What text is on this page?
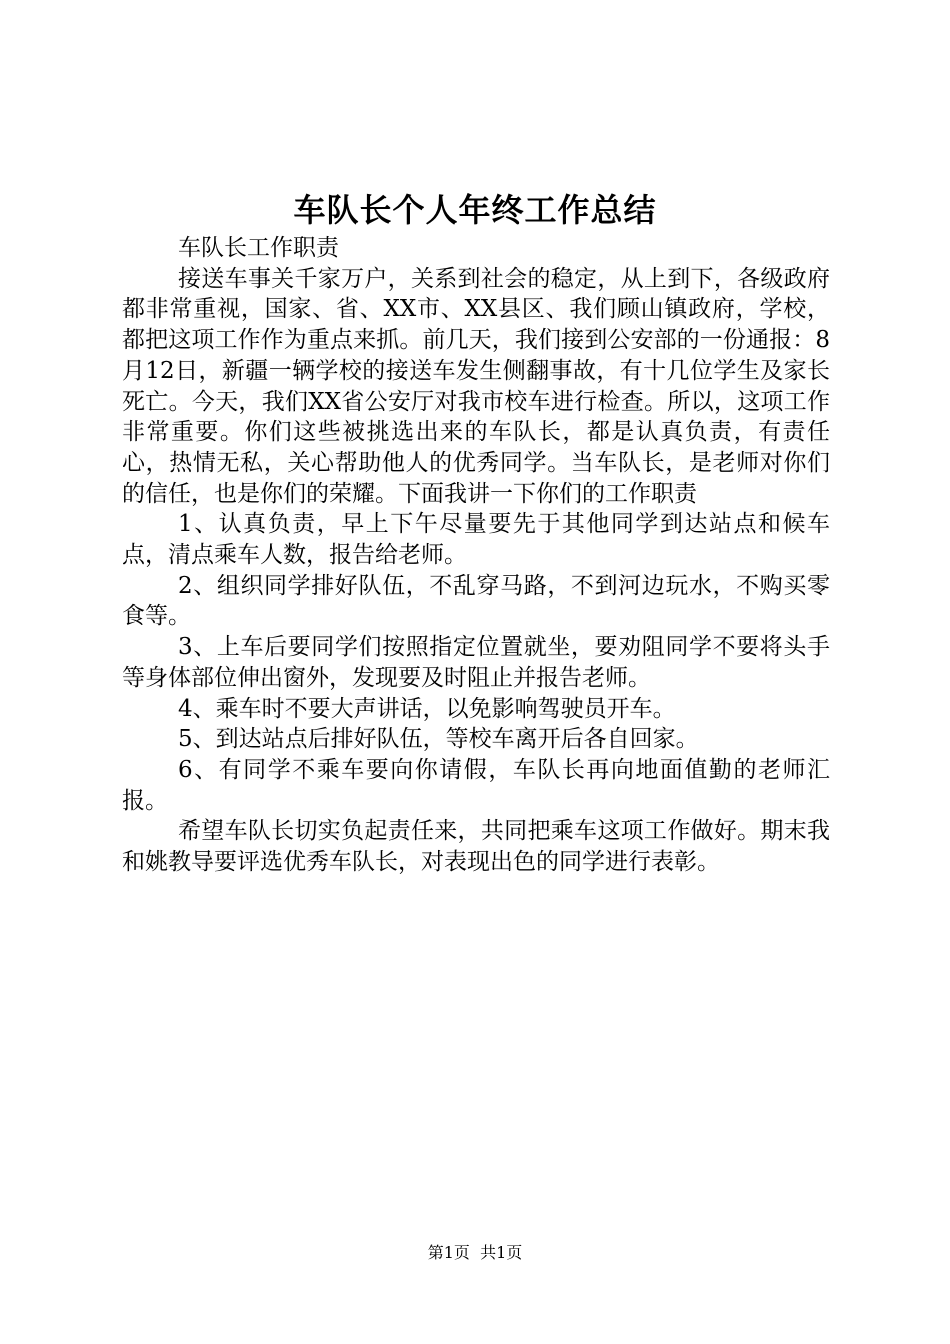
车队长个人年终工作总结

车队长工作职责

接送车事关千家万户，关系到社会的稳定，从上到下，各级政府都非常重视，国家、省、XX市、XX县区、我们顾山镇政府，学校，都把这项工作作为重点来抓。前几天，我们接到公安部的一份通报：8月12日，新疆一辆学校的接送车发生侧翻事故，有十几位学生及家长死亡。今天，我们XX省公安厅对我市校车进行检查。所以，这项工作非常重要。你们这些被挑选出来的车队长，都是认真负责，有责任心，热情无私，关心帮助他人的优秀同学。当车队长，是老师对你们的信任，也是你们的荣耀。下面我讲一下你们的工作职责

1、认真负责，早上下午尽量要先于其他同学到达站点和候车点，清点乘车人数，报告给老师。

2、组织同学排好队伍，不乱穿马路，不到河边玩水，不购买零食等。

3、上车后要同学们按照指定位置就坐，要劝阻同学不要将头手等身体部位伸出窗外，发现要及时阻止并报告老师。

4、乘车时不要大声讲话，以免影响驾驶员开车。

5、到达站点后排好队伍，等校车离开后各自回家。

6、有同学不乘车要向你请假，车队长再向地面值勤的老师汇报。

希望车队长切实负起责任来，共同把乘车这项工作做好。期末我和姚教导要评选优秀车队长，对表现出色的同学进行表彰。

第1页 共1页
